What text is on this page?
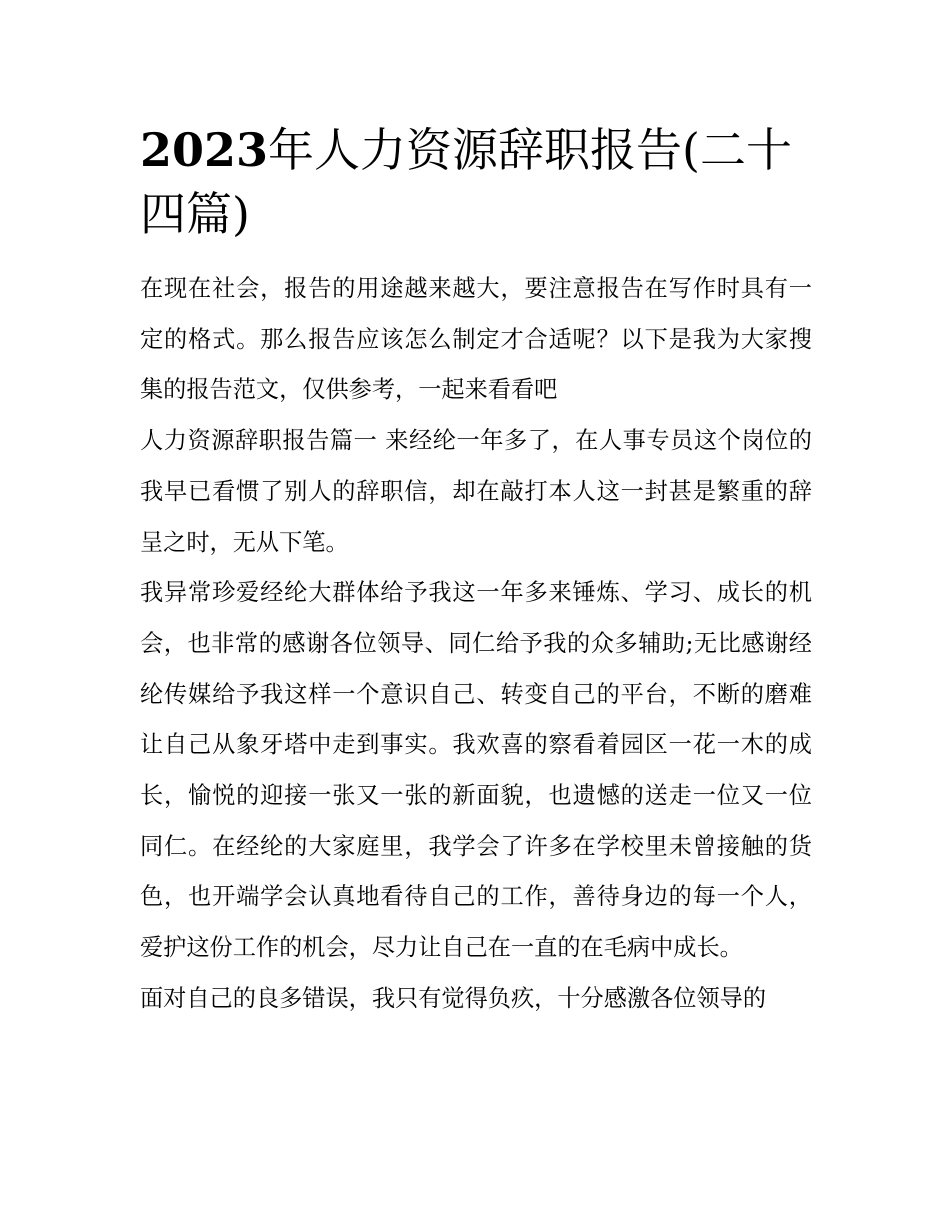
2023年人力资源辞职报告(二十四篇)

在现在社会，报告的用途越来越大，要注意报告在写作时具有一定的格式。那么报告应该怎么制定才合适呢？以下是我为大家搜集的报告范文，仅供参考，一起来看看吧

人力资源辞职报告篇一 来经纶一年多了，在人事专员这个岗位的我早已看惯了别人的辞职信，却在敲打本人这一封甚是繁重的辞呈之时，无从下笔。

我异常珍爱经纶大群体给予我这一年多来锤炼、学习、成长的机会，也非常的感谢各位领导、同仁给予我的众多辅助;无比感谢经纶传媒给予我这样一个意识自己、转变自己的平台，不断的磨难让自己从象牙塔中走到事实。我欢喜的察看着园区一花一木的成长，愉悦的迎接一张又一张的新面貌，也遗憾的送走一位又一位同仁。在经纶的大家庭里，我学会了许多在学校里未曾接触的货色，也开端学会认真地看待自己的工作，善待身边的每一个人，爱护这份工作的机会，尽力让自己在一直的在毛病中成长。

面对自己的良多错误，我只有觉得负疚，十分感激各位领导的
